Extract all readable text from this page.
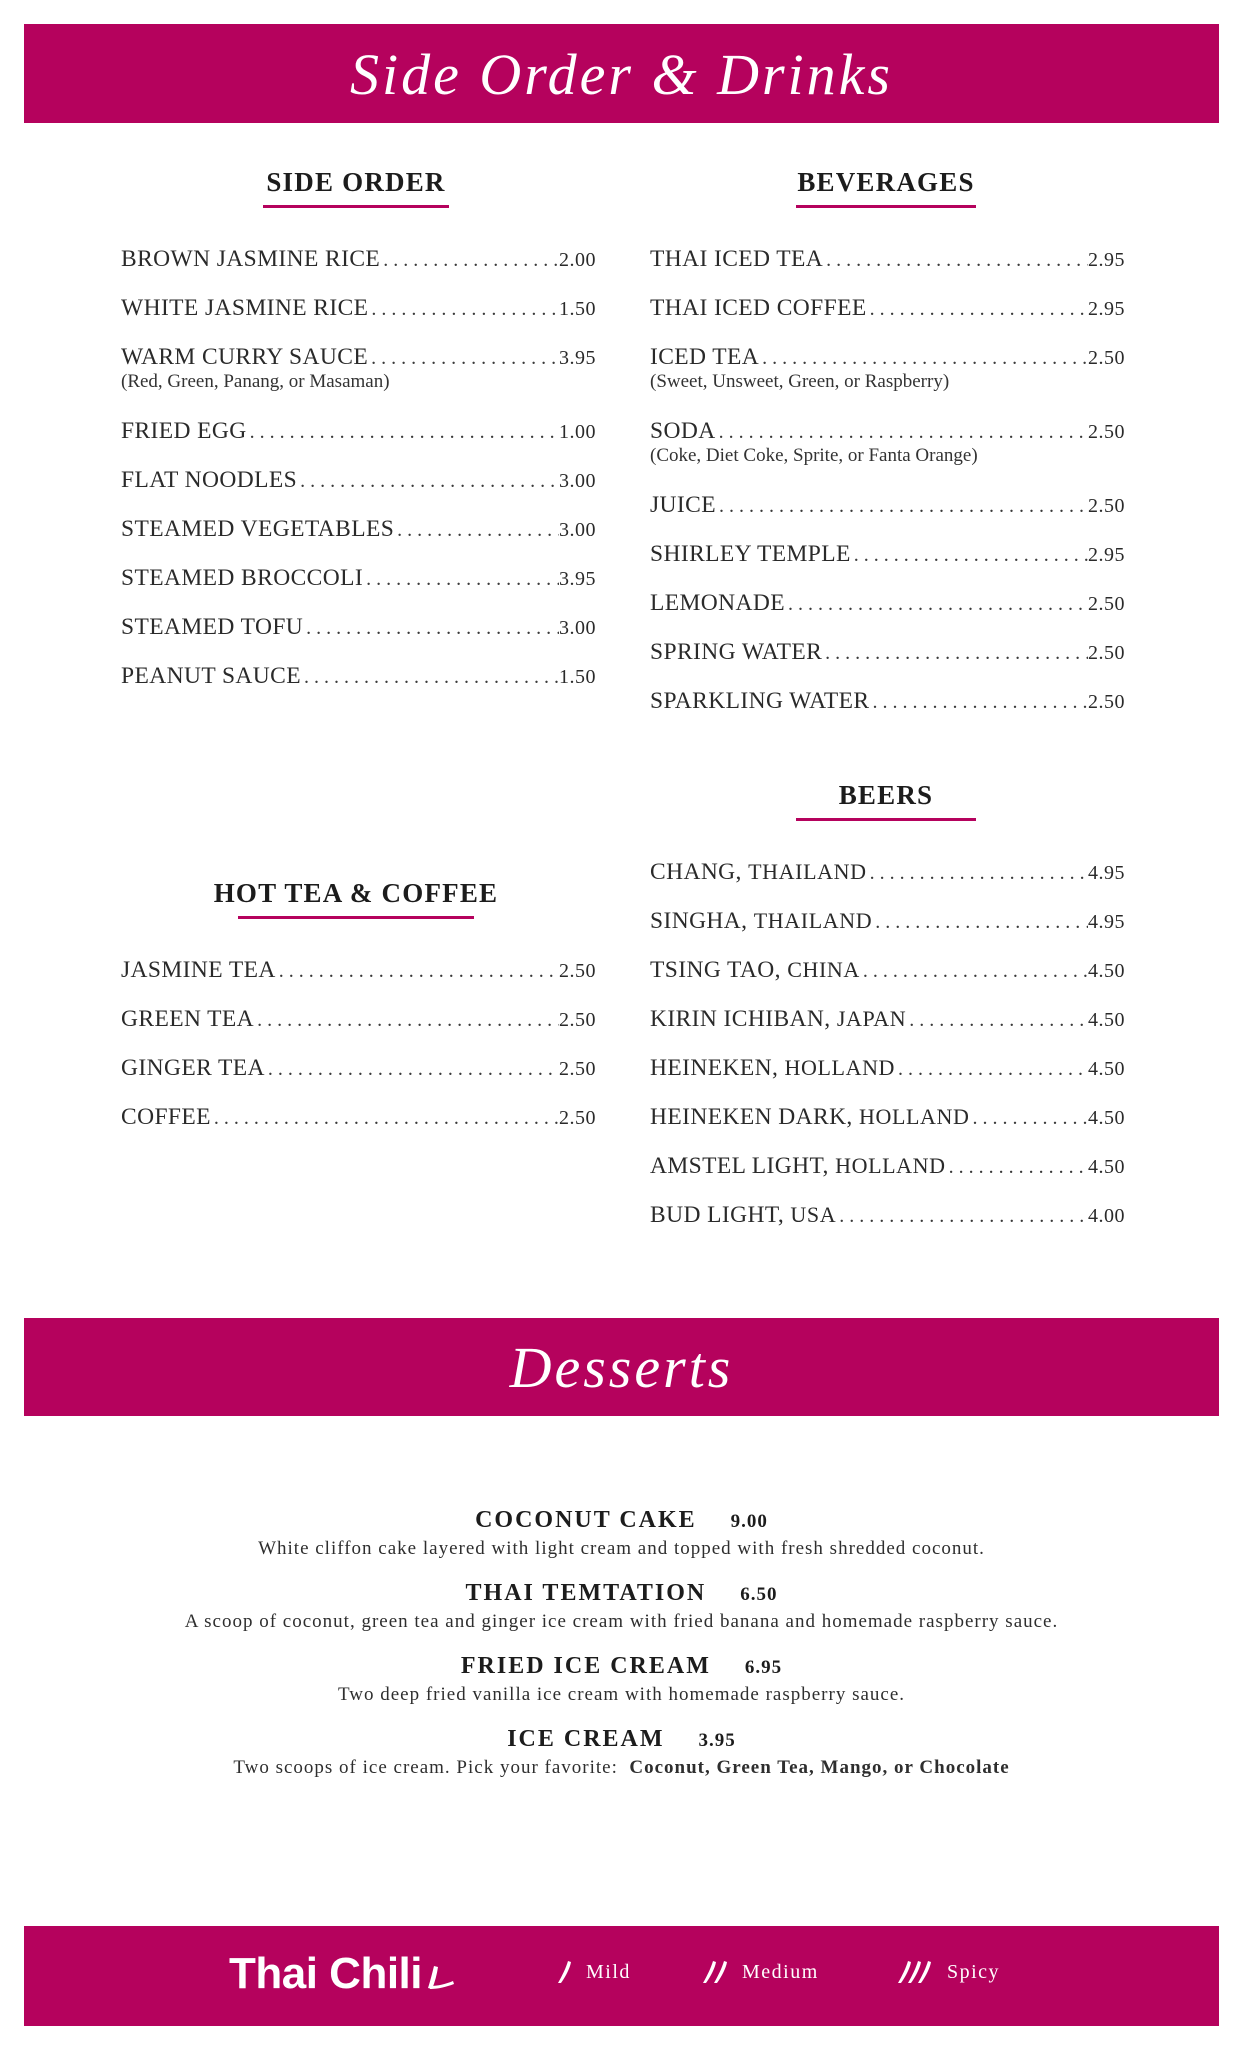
Side Order & Drinks
SIDE ORDER	BEVERAGES
BEERS
HOT TEA & COFFEE
BROWN JASMINE RICE . . .	2.00
WHITE JASMINE RICE . . .	1.50
WARM CURRY SAUCE . . .	3.95
(Red, Green, Panang, or Masaman)
FRIED EGG . . .	1.00
FLAT NOODLES . . .	3.00
STEAMED VEGETABLES . . .	3.00
STEAMED BROCCOLI . . .	3.95
STEAMED TOFU . . .	3.00
PEANUT SAUCE . . .	1.50
THAI ICED TEA . . .	2.95
THAI ICED COFFEE . . .	2.95
ICED TEA . . .	2.50
(Sweet, Unsweet, Green, or Raspberry)
SODA . . .	2.50
(Coke, Diet Coke, Sprite, or Fanta Orange)
JUICE . . .	2.50
SHIRLEY TEMPLE . . .	2.95
LEMONADE . . .	2.50
SPRING WATER . . .	2.50
SPARKLING WATER . . .	2.50
JASMINE TEA . . .	2.50
GREEN TEA . . .	2.50
GINGER TEA . . .	2.50
COFFEE . . .	2.50
CHANG, THAILAND . . .	4.95
SINGHA, THAILAND . . .	4.95
TSING TAO, CHINA . . .	4.50
KIRIN ICHIBAN, JAPAN . . .	4.50
HEINEKEN, HOLLAND . . .	4.50
HEINEKEN DARK, HOLLAND . . .	4.50
AMSTEL LIGHT, HOLLAND . . .	4.50
BUD LIGHT, USA . . .	4.00
Desserts
COCONUT CAKE 9.00
White cliffon cake layered with light cream and topped with fresh shredded coconut.
THAI TEMTATION 6.50
A scoop of coconut, green tea and ginger ice cream with fried banana and homemade raspberry sauce.
FRIED ICE CREAM 6.95
Two deep fried vanilla ice cream with homemade raspberry sauce.
ICE CREAM 3.95
Two scoops of ice cream. Pick your favorite: Coconut, Green Tea, Mango, or Chocolate
Thai Chili	Mild	Medium	Spicy
